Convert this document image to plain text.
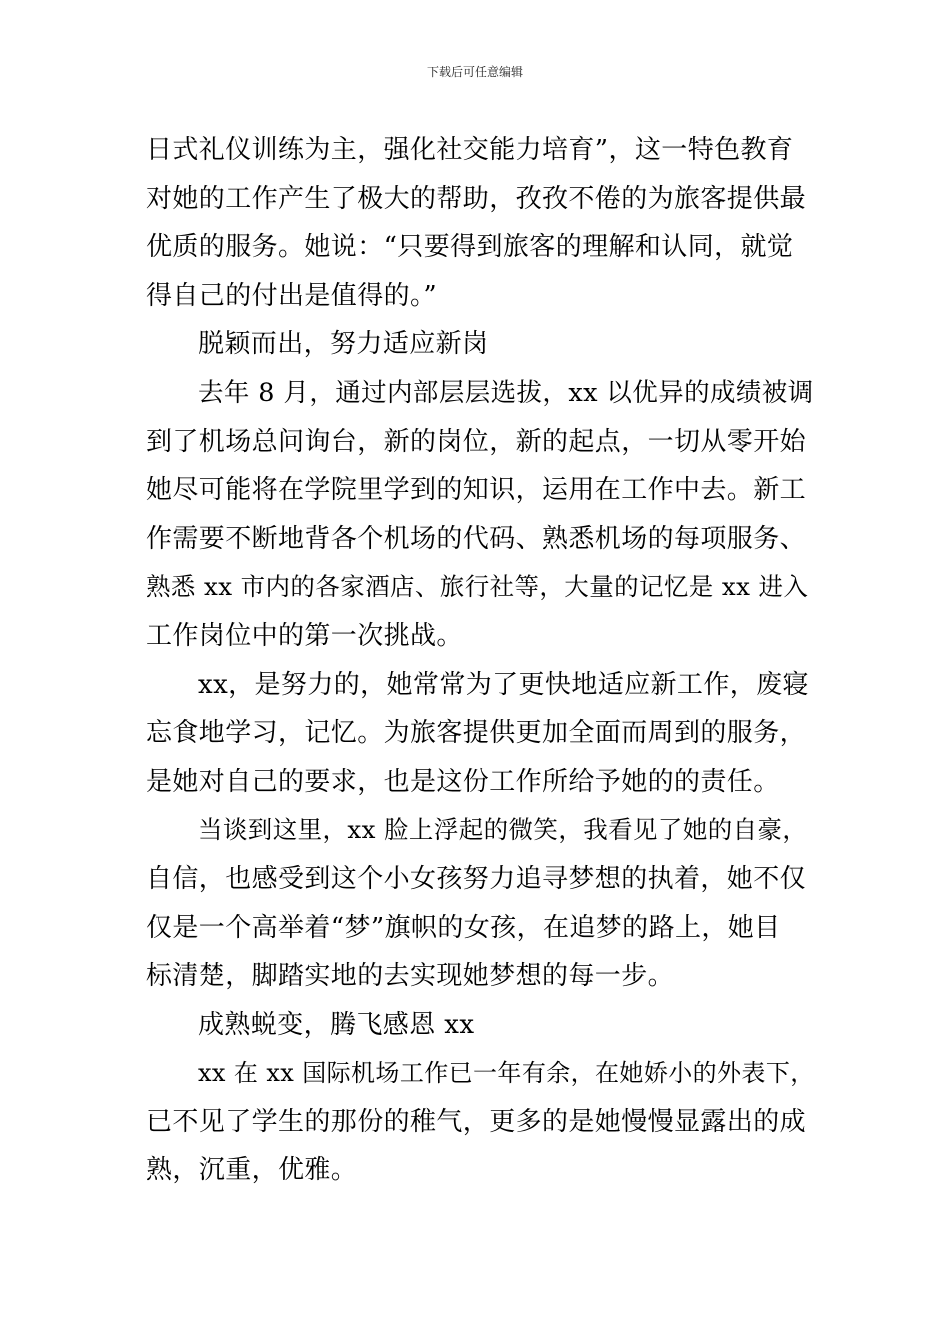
下载后可任意编辑
日式礼仪训练为主，强化社交能力培育”，这一特色教育
对她的工作产生了极大的帮助，孜孜不倦的为旅客提供最
优质的服务。她说：“只要得到旅客的理解和认同，就觉
得自己的付出是值得的。”
脱颖而出，努力适应新岗
去年 8 月，通过内部层层选拔，xx 以优异的成绩被调
到了机场总问询台，新的岗位，新的起点，一切从零开始
她尽可能将在学院里学到的知识，运用在工作中去。新工
作需要不断地背各个机场的代码、熟悉机场的每项服务、
熟悉 xx 市内的各家酒店、旅行社等，大量的记忆是 xx 进入
工作岗位中的第一次挑战。
xx，是努力的，她常常为了更快地适应新工作，废寝
忘食地学习，记忆。为旅客提供更加全面而周到的服务，
是她对自己的要求，也是这份工作所给予她的的责任。
当谈到这里，xx 脸上浮起的微笑，我看见了她的自豪，
自信，也感受到这个小女孩努力追寻梦想的执着，她不仅
仅是一个高举着“梦”旗帜的女孩，在追梦的路上，她目
标清楚，脚踏实地的去实现她梦想的每一步。
成熟蜕变，腾飞感恩 xx
xx 在 xx 国际机场工作已一年有余，在她娇小的外表下，
已不见了学生的那份的稚气，更多的是她慢慢显露出的成
熟，沉重，优雅。
